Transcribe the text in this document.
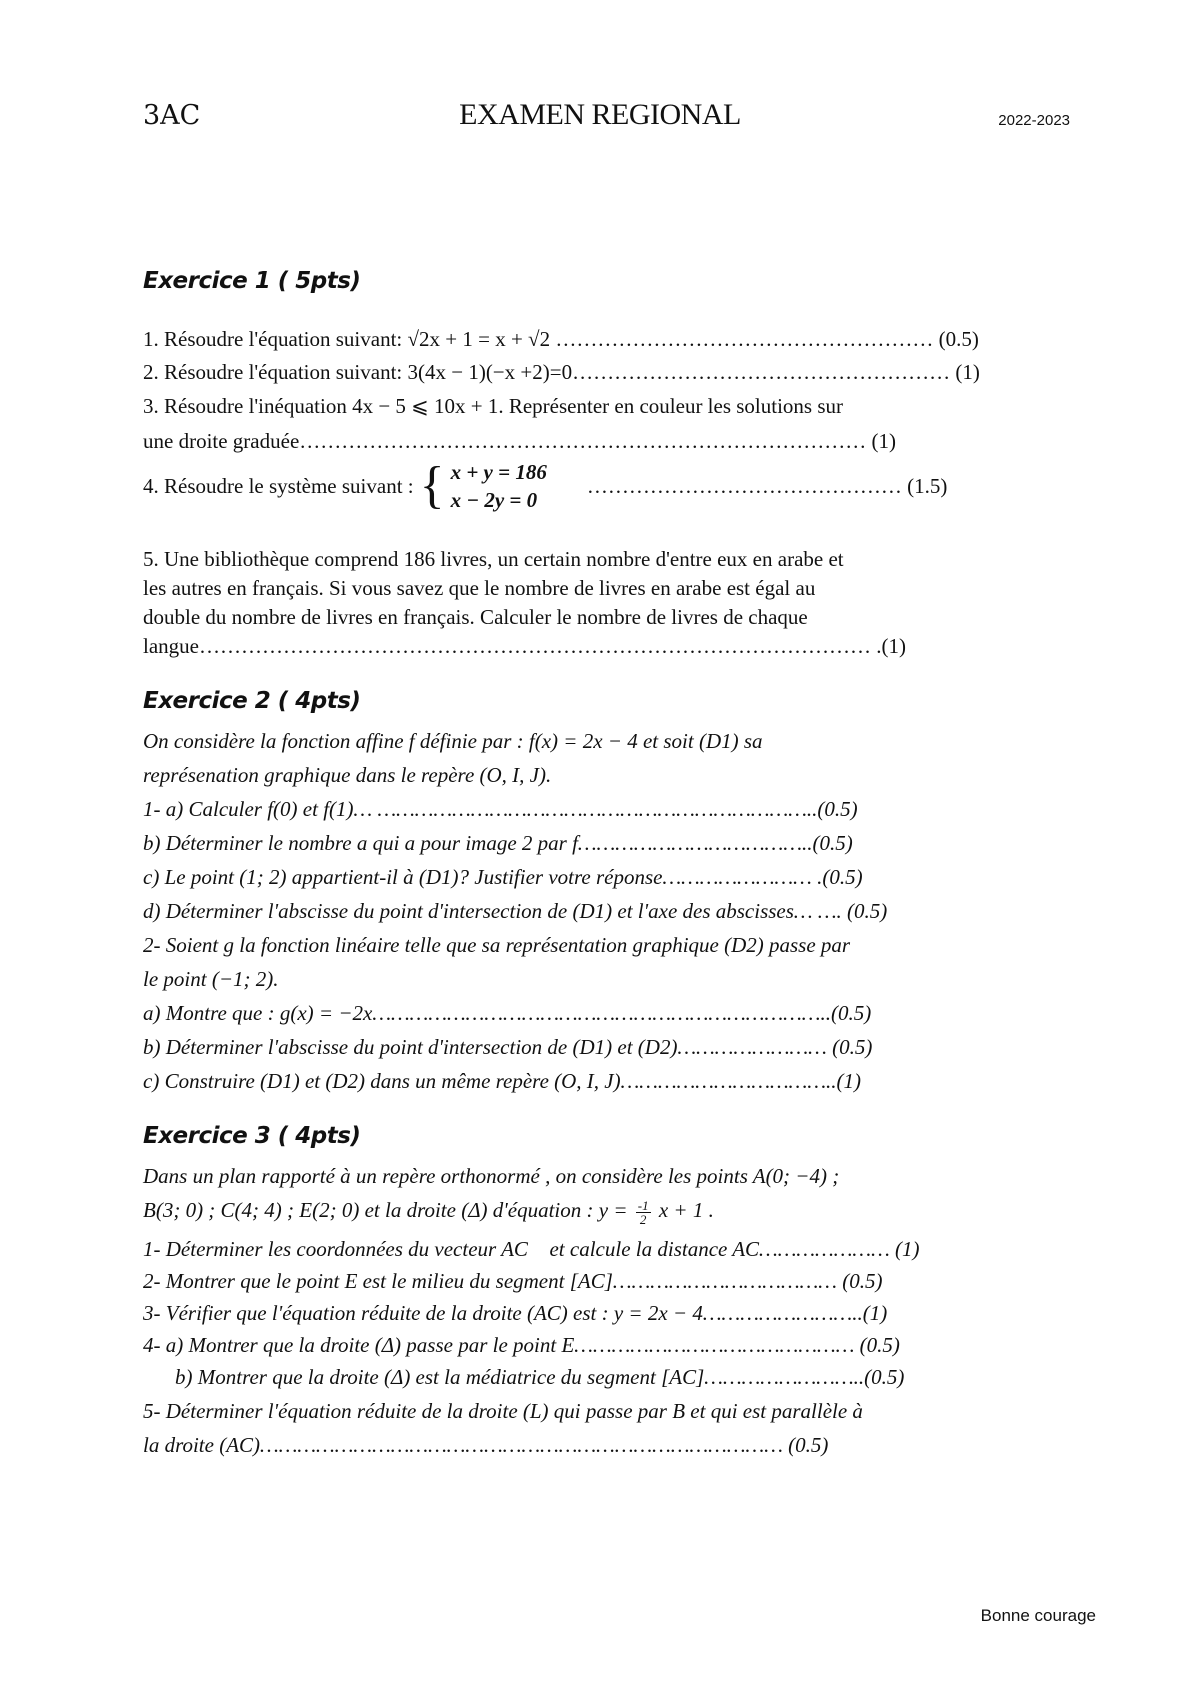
3AC	EXAMEN REGIONAL	2022-2023
Exercice 1 ( 5pts)
1. Résoudre l'équation suivant: √2x + 1 = x + √2 ……………………………………………… (0.5)
2. Résoudre l'équation suivant: 3(4x − 1)(−x +2)=0……………………………………………… (1)
3. Résoudre l'inéquation 4x − 5 ⩽ 10x + 1. Représenter en couleur les solutions sur
une droite graduée……………………………………………………………………… (1)
4. Résoudre le système suivant : { x + y = 186
x − 2y = 0
……………………………………… (1.5)
5. Une bibliothèque comprend 186 livres, un certain nombre d'entre eux en arabe et
les autres en français. Si vous savez que le nombre de livres en arabe est égal au
double du nombre de livres en français. Calculer le nombre de livres de chaque
langue…………………………………………………………………………………… .(1)
Exercice 2 ( 4pts)
On considère la fonction affine f définie par : f(x) = 2x − 4 et soit (D1) sa
représenation graphique dans le repère (O, I, J).
1- a) Calculer f(0) et f(1)… ……………………………………………………………..(0.5)
b) Déterminer le nombre a qui a pour image 2 par f………………………………..(0.5)
c) Le point (1; 2) appartient-il à (D1)? Justifier votre réponse…………………… .(0.5)
d) Déterminer l'abscisse du point d'intersection de (D1) et l'axe des abscisses… …. (0.5)
2- Soient g la fonction linéaire telle que sa représentation graphique (D2) passe par
le point (−1; 2).
a) Montre que : g(x) = −2x………………………………………………………………..(0.5)
b) Déterminer l'abscisse du point d'intersection de (D1) et (D2)…………………… (0.5)
c) Construire (D1) et (D2) dans un même repère (O, I, J)……………………………..(1)
Exercice 3 ( 4pts)
Dans un plan rapporté à un repère orthonormé , on considère les points A(0; −4) ;
B(3; 0) ; C(4; 4) ; E(2; 0) et la droite (Δ) d'équation : $y = \frac{-1}{2}$ x + 1 .
1- Déterminer les coordonnées du vecteur AC⃗ et calcule la distance AC………………… (1)
2- Montrer que le point E est le milieu du segment [AC]……………………………… (0.5)
3- Vérifier que l'équation réduite de la droite (AC) est : y = 2x − 4……………………..(1)
4- a) Montrer que la droite (Δ) passe par le point E……………………………………… (0.5)
b) Montrer que la droite (Δ) est la médiatrice du segment [AC]……………………..(0.5)
5- Déterminer l'équation réduite de la droite (L) qui passe par B et qui est parallèle à
la droite (AC)………………………………………………………………………… (0.5)
Bonne courage
